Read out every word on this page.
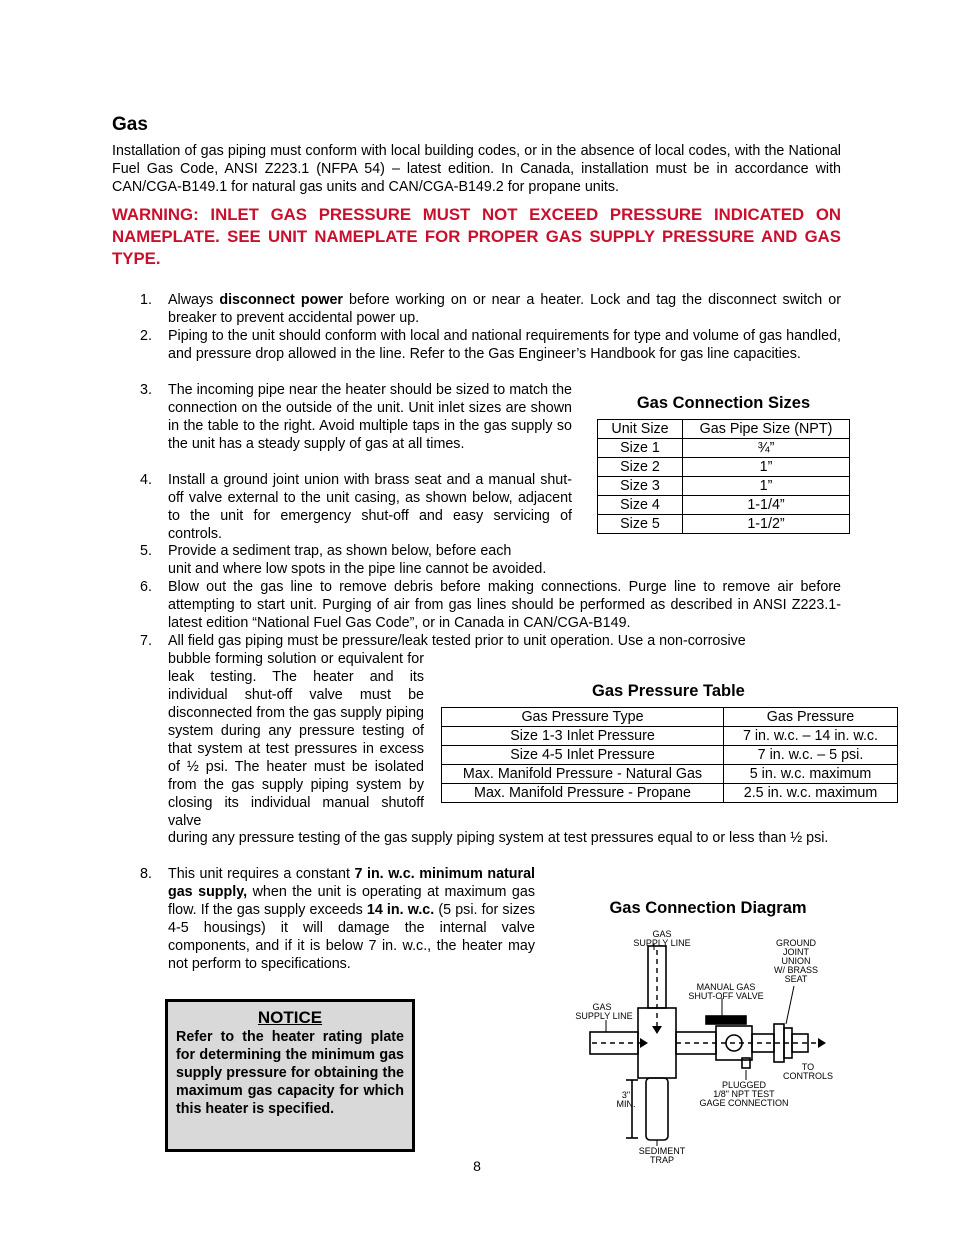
Gas
Installation of gas piping must conform with local building codes, or in the absence of local codes, with the National Fuel Gas Code, ANSI Z223.1 (NFPA 54) – latest edition. In Canada, installation must be in accordance with CAN/CGA-B149.1 for natural gas units and CAN/CGA-B149.2 for propane units.
WARNING: INLET GAS PRESSURE MUST NOT EXCEED PRESSURE INDICATED ON NAMEPLATE. SEE UNIT NAMEPLATE FOR PROPER GAS SUPPLY PRESSURE AND GAS TYPE.
1. Always disconnect power before working on or near a heater. Lock and tag the disconnect switch or breaker to prevent accidental power up.
2. Piping to the unit should conform with local and national requirements for type and volume of gas handled, and pressure drop allowed in the line. Refer to the Gas Engineer’s Handbook for gas line capacities.
3. The incoming pipe near the heater should be sized to match the connection on the outside of the unit. Unit inlet sizes are shown in the table to the right. Avoid multiple taps in the gas supply so the unit has a steady supply of gas at all times.
4. Install a ground joint union with brass seat and a manual shut-off valve external to the unit casing, as shown below, adjacent to the unit for emergency shut-off and easy servicing of controls.
5. Provide a sediment trap, as shown below, before each
unit and where low spots in the pipe line cannot be avoided.
6. Blow out the gas line to remove debris before making connections. Purge line to remove air before attempting to start unit. Purging of air from gas lines should be performed as described in ANSI Z223.1-latest edition “National Fuel Gas Code”, or in Canada in CAN/CGA-B149.
7. All field gas piping must be pressure/leak tested prior to unit operation. Use a non-corrosive
bubble forming solution or equivalent for leak testing. The heater and its individual shut-off valve must be disconnected from the gas supply piping system during any pressure testing of that system at test pressures in excess of ½ psi. The heater must be isolated from the gas supply piping system by closing its individual manual shutoff valve
during any pressure testing of the gas supply piping system at test pressures equal to or less than ½ psi.
8. This unit requires a constant 7 in. w.c. minimum natural gas supply, when the unit is operating at maximum gas flow. If the gas supply exceeds 14 in. w.c. (5 psi. for sizes 4-5 housings) it will damage the internal valve components, and if it is below 7 in. w.c., the heater may not perform to specifications.
Gas Connection Sizes
Unit Size	Gas Pipe Size (NPT)
Size 1	¾”
Size 2	1”
Size 3	1”
Size 4	1-1/4”
Size 5	1-1/2”
Gas Pressure Table
Gas Pressure Type	Gas Pressure
Size 1-3 Inlet Pressure	7 in. w.c. – 14 in. w.c.
Size 4-5 Inlet Pressure	7 in. w.c. – 5 psi.
Max. Manifold Pressure - Natural Gas	5 in. w.c. maximum
Max. Manifold Pressure - Propane	2.5 in. w.c. maximum
Gas Connection Diagram
GAS
SUPPLY LINE
GAS
SUPPLY LINE
MANUAL GAS
SHUT-OFF VALVE
GROUND
JOINT
UNION
W/ BRASS
SEAT
TO
CONTROLS
PLUGGED
1/8" NPT TEST
GAGE CONNECTION
3"
MIN.
SEDIMENT
TRAP
NOTICE
Refer to the heater rating plate for determining the minimum gas supply pressure for obtaining the maximum gas capacity for which this heater is specified.
8
